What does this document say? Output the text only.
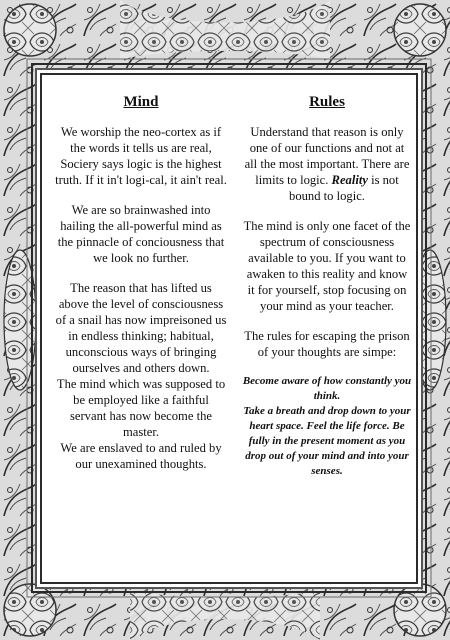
Mind
We worship the neo-cortex as if the words it tells us are real, Sociery says logic is the highest truth. If it in't logi-cal, it ain't real.
We are so brainwashed into hailing the all-powerful mind as the pinnacle of conciousness that we look no further.
The reason that has lifted us above the level of consciousness of a snail has now impreisoned us in endless thinking; habitual, unconscious ways of bringing ourselves and others down.
The mind which was supposed to be employed like a faithful servant has now become the master.
We are enslaved to and ruled by our unexamined thoughts.
Rules
Understand that reason is only one of our functions and not at all the most important. There are limits to logic. Reality is not bound to logic.
The mind is only one facet of the spectrum of consciousness available to you. If you want to awaken to this reality and know it for yourself, stop focusing on your mind as your teacher.
The rules for escaping the prison of your thoughts are simpe:
Become aware of how constantly you think.
Take a breath and drop down to your heart space. Feel the life force. Be fully in the present moment as you drop out of your mind and into your senses.
